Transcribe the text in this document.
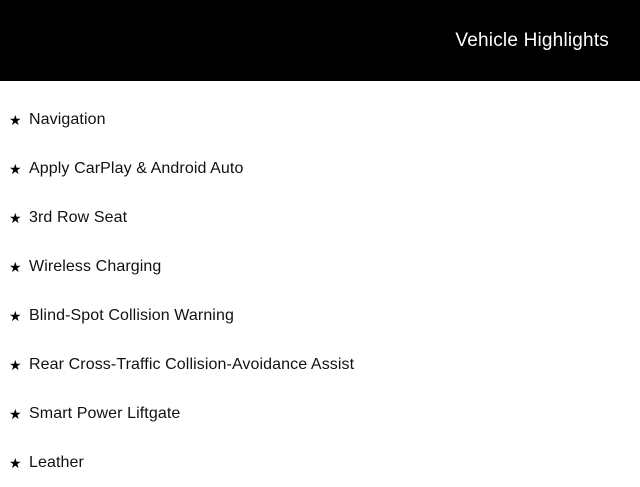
Vehicle Highlights
★ Navigation
★ Apply CarPlay & Android Auto
★ 3rd Row Seat
★ Wireless Charging
★ Blind-Spot Collision Warning
★ Rear Cross-Traffic Collision-Avoidance Assist
★ Smart Power Liftgate
★ Leather
